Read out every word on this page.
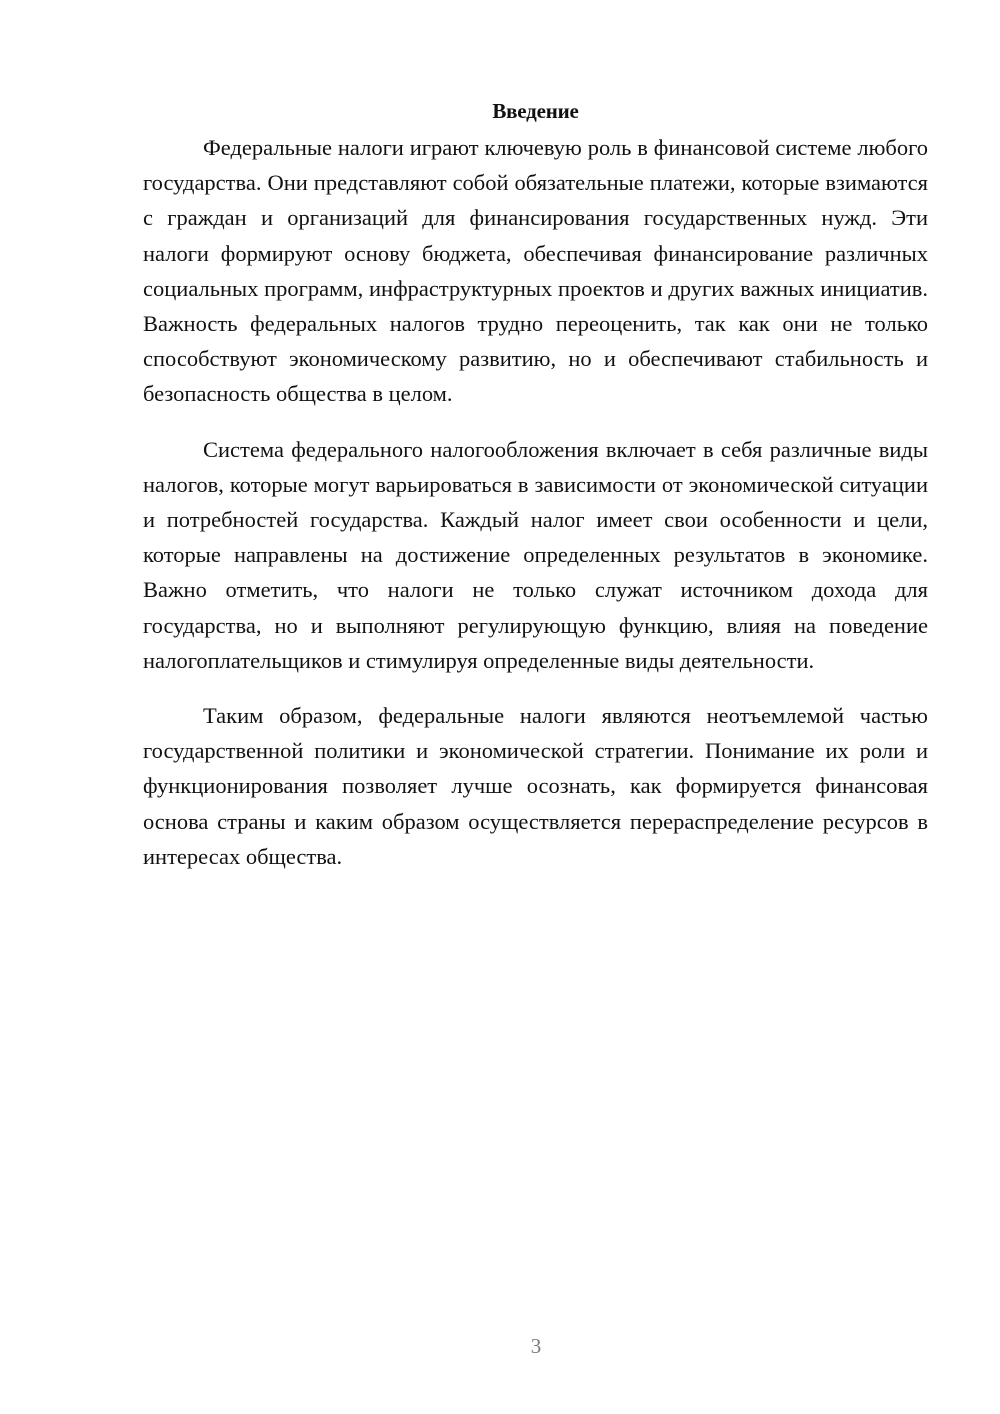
Введение

Федеральные налоги играют ключевую роль в финансовой системе любого государства. Они представляют собой обязательные платежи, которые взимаются с граждан и организаций для финансирования государственных нужд. Эти налоги формируют основу бюджета, обеспечивая финансирование различных социальных программ, инфраструктурных проектов и других важных инициатив. Важность федеральных налогов трудно переоценить, так как они не только способствуют экономическому развитию, но и обеспечивают стабильность и безопасность общества в целом.

Система федерального налогообложения включает в себя различные виды налогов, которые могут варьироваться в зависимости от экономической ситуации и потребностей государства. Каждый налог имеет свои особенности и цели, которые направлены на достижение определенных результатов в экономике. Важно отметить, что налоги не только служат источником дохода для государства, но и выполняют регулирующую функцию, влияя на поведение налогоплательщиков и стимулируя определенные виды деятельности.

Таким образом, федеральные налоги являются неотъемлемой частью государственной политики и экономической стратегии. Понимание их роли и функционирования позволяет лучше осознать, как формируется финансовая основа страны и каким образом осуществляется перераспределение ресурсов в интересах общества.

3
